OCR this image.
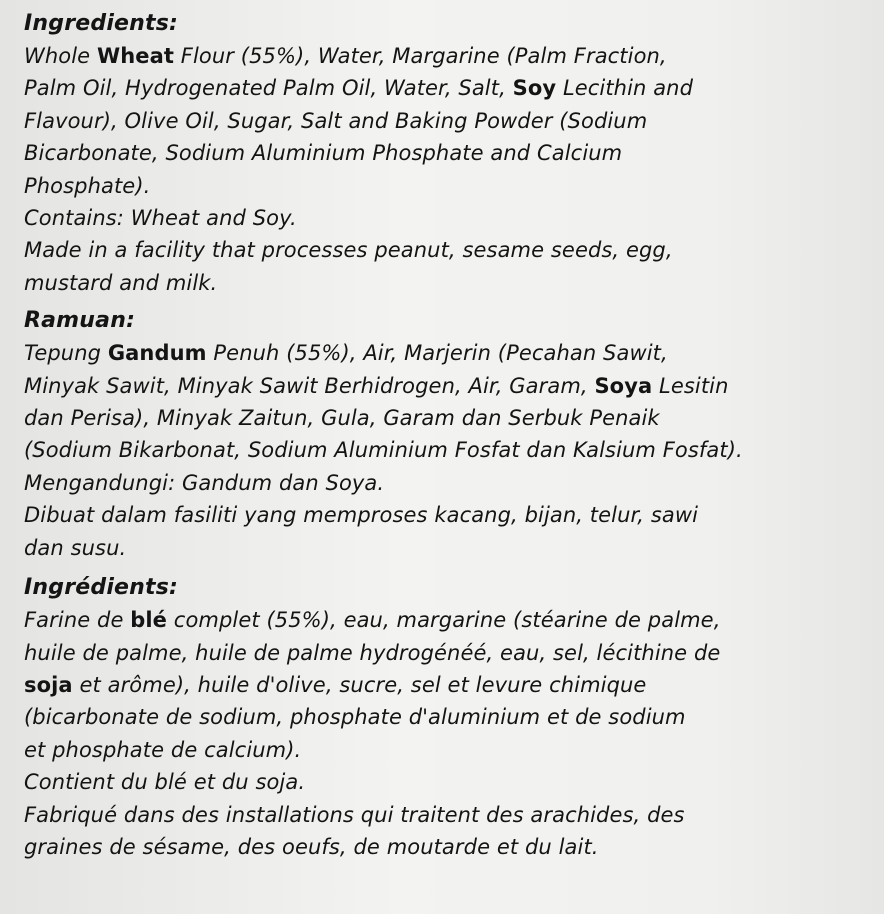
Ingredients:
Whole Wheat Flour (55%), Water, Margarine (Palm Fraction,
Palm Oil, Hydrogenated Palm Oil, Water, Salt, Soy Lecithin and
Flavour), Olive Oil, Sugar, Salt and Baking Powder (Sodium
Bicarbonate, Sodium Aluminium Phosphate and Calcium
Phosphate).
Contains: Wheat and Soy.
Made in a facility that processes peanut, sesame seeds, egg,
mustard and milk.
Ramuan:
Tepung Gandum Penuh (55%), Air, Marjerin (Pecahan Sawit,
Minyak Sawit, Minyak Sawit Berhidrogen, Air, Garam, Soya Lesitin
dan Perisa), Minyak Zaitun, Gula, Garam dan Serbuk Penaik
(Sodium Bikarbonat, Sodium Aluminium Fosfat dan Kalsium Fosfat).
Mengandungi: Gandum dan Soya.
Dibuat dalam fasiliti yang memproses kacang, bijan, telur, sawi
dan susu.
Ingrédients:
Farine de blé complet (55%), eau, margarine (stéarine de palme,
huile de palme, huile de palme hydrogénéé, eau, sel, lécithine de
soja et arôme), huile d'olive, sucre, sel et levure chimique
(bicarbonate de sodium, phosphate d'aluminium et de sodium
et phosphate de calcium).
Contient du blé et du soja.
Fabriqué dans des installations qui traitent des arachides, des
graines de sésame, des oeufs, de moutarde et du lait.
